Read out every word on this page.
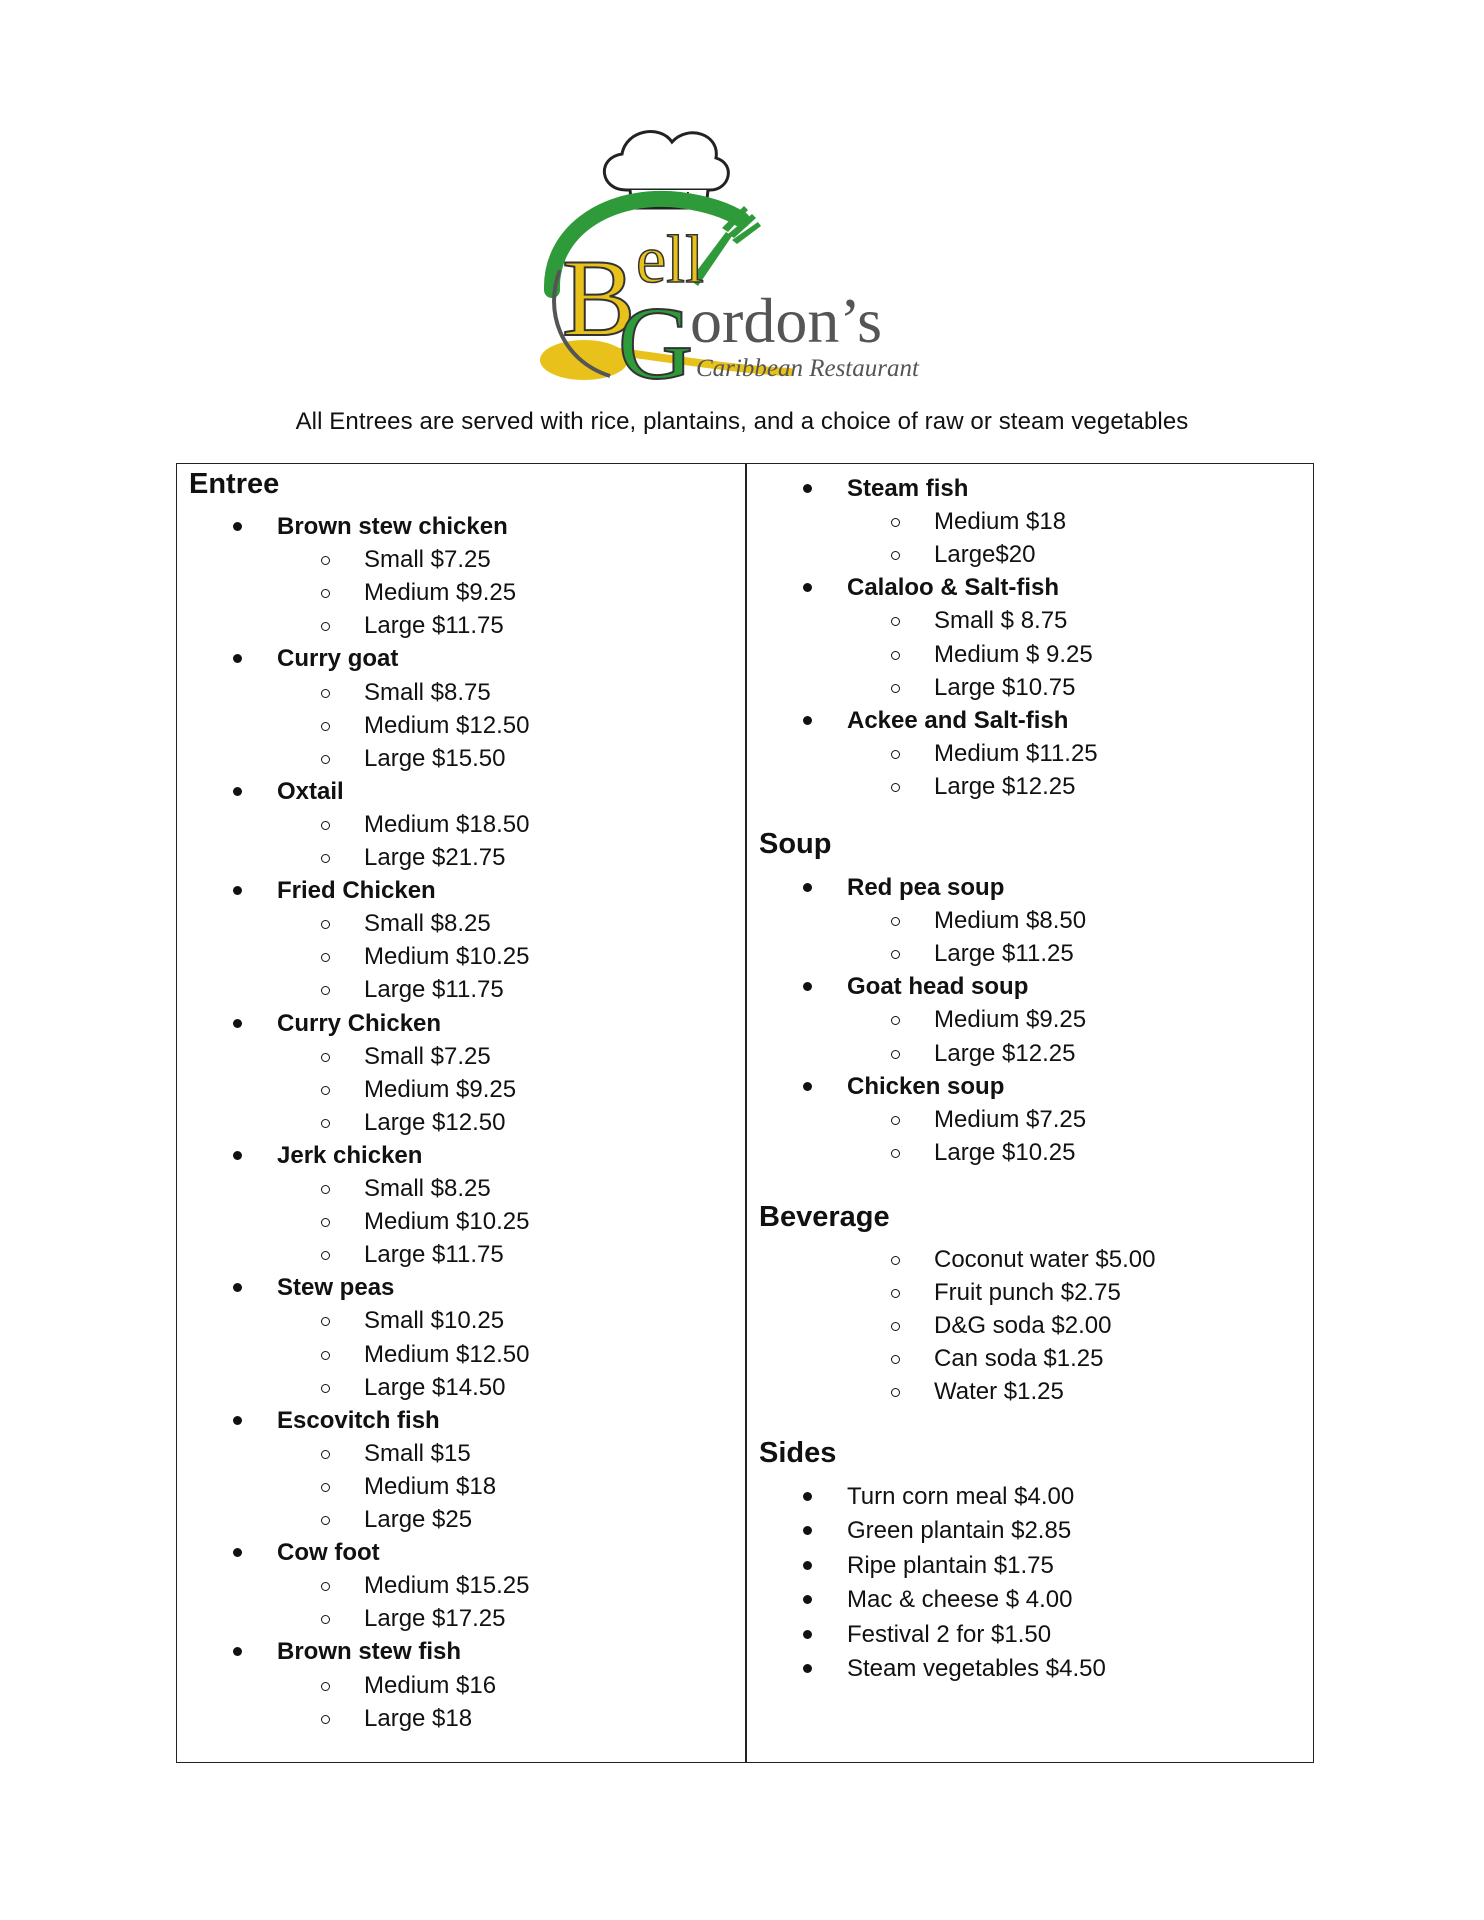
B
G
ell
ordon’s
Caribbean Restaurant
All Entrees are served with rice, plantains, and a choice of raw or steam vegetables
Entree
Brown stew chicken
Small $7.25
Medium $9.25
Large $11.75
Curry goat
Small $8.75
Medium $12.50
Large $15.50
Oxtail
Medium $18.50
Large $21.75
Fried Chicken
Small $8.25
Medium $10.25
Large $11.75
Curry Chicken
Small $7.25
Medium $9.25
Large $12.50
Jerk chicken
Small $8.25
Medium $10.25
Large $11.75
Stew peas
Small $10.25
Medium $12.50
Large $14.50
Escovitch fish
Small $15
Medium $18
Large $25
Cow foot
Medium $15.25
Large $17.25
Brown stew fish
Medium $16
Large $18
Steam fish
Medium $18
Large$20
Calaloo & Salt-fish
Small $ 8.75
Medium $ 9.25
Large $10.75
Ackee and Salt-fish
Medium $11.25
Large $12.25
Soup
Red pea soup
Medium $8.50
Large $11.25
Goat head soup
Medium $9.25
Large $12.25
Chicken soup
Medium $7.25
Large $10.25
Beverage
Coconut water $5.00
Fruit punch $2.75
D&G soda $2.00
Can soda $1.25
Water $1.25
Sides
Turn corn meal $4.00
Green plantain $2.85
Ripe plantain $1.75
Mac & cheese $ 4.00
Festival 2 for $1.50
Steam vegetables $4.50
